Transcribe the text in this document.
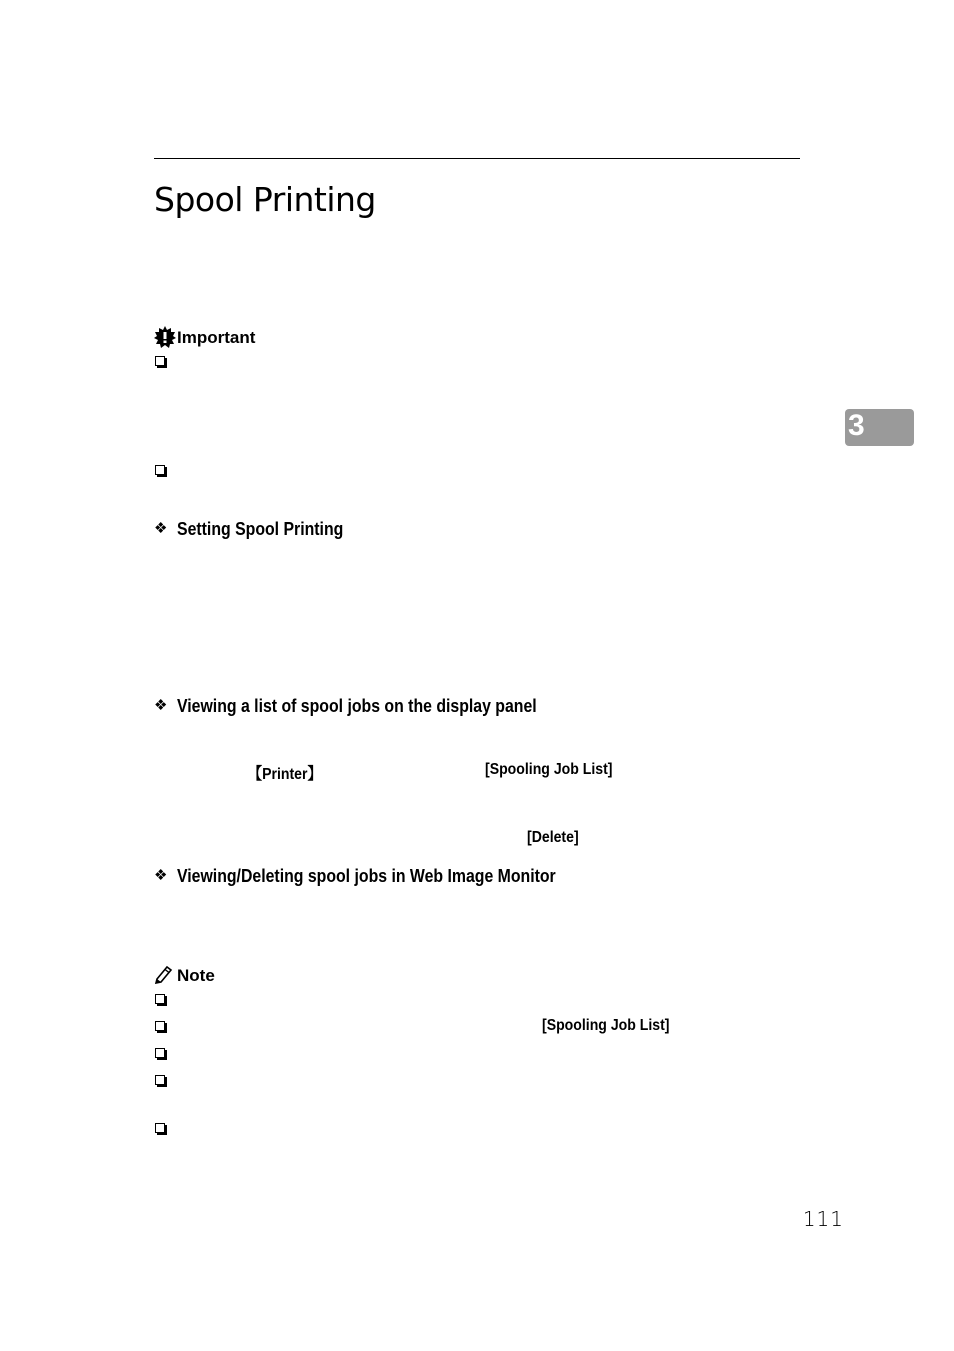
Spool Printing
Important
❖ Setting Spool Printing
❖ Viewing a list of spool jobs on the display panel
【Printer】	[Spooling Job List]
[Delete]
❖ Viewing/Deleting spool jobs in Web Image Monitor
Note
[Spooling Job List]
3
111
